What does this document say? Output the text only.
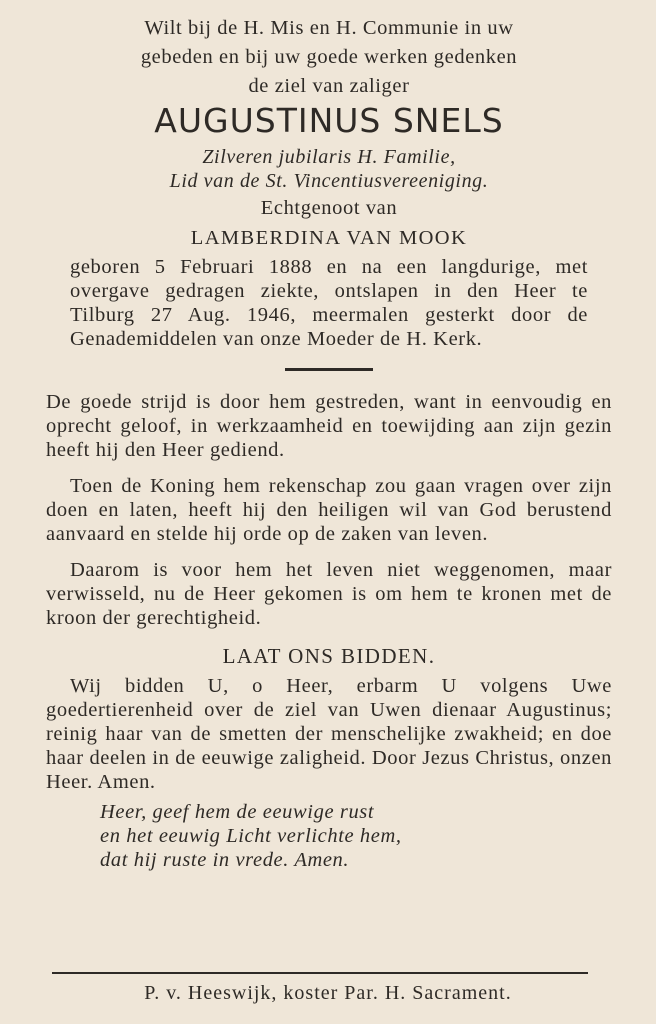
Wilt bij de H. Mis en H. Communie in uw
gebeden en bij uw goede werken gedenken
de ziel van zaliger
AUGUSTINUS SNELS
Zilveren jubilaris H. Familie,
Lid van de St. Vincentiusvereeniging.
Echtgenoot van
LAMBERDINA VAN MOOK
geboren 5 Februari 1888 en na een langdurige, met overgave gedragen ziekte, ontslapen in den Heer te Tilburg 27 Aug. 1946, meermalen gesterkt door de Genademiddelen van onze Moeder de H. Kerk.
De goede strijd is door hem gestreden, want in eenvoudig en oprecht geloof, in werkzaamheid en toewijding aan zijn gezin heeft hij den Heer gediend.
Toen de Koning hem rekenschap zou gaan vragen over zijn doen en laten, heeft hij den heiligen wil van God berustend aanvaard en stelde hij orde op de zaken van leven.
Daarom is voor hem het leven niet weggenomen, maar verwisseld, nu de Heer gekomen is om hem te kronen met de kroon der gerechtigheid.
LAAT ONS BIDDEN.
Wij bidden U, o Heer, erbarm U volgens Uwe goedertierenheid over de ziel van Uwen dienaar Augustinus; reinig haar van de smetten der menschelijke zwakheid; en doe haar deelen in de eeuwige zaligheid. Door Jezus Christus, onzen Heer. Amen.
Heer, geef hem de eeuwige rust
en het eeuwig Licht verlichte hem,
dat hij ruste in vrede. Amen.
P. v. Heeswijk, koster Par. H. Sacrament.
